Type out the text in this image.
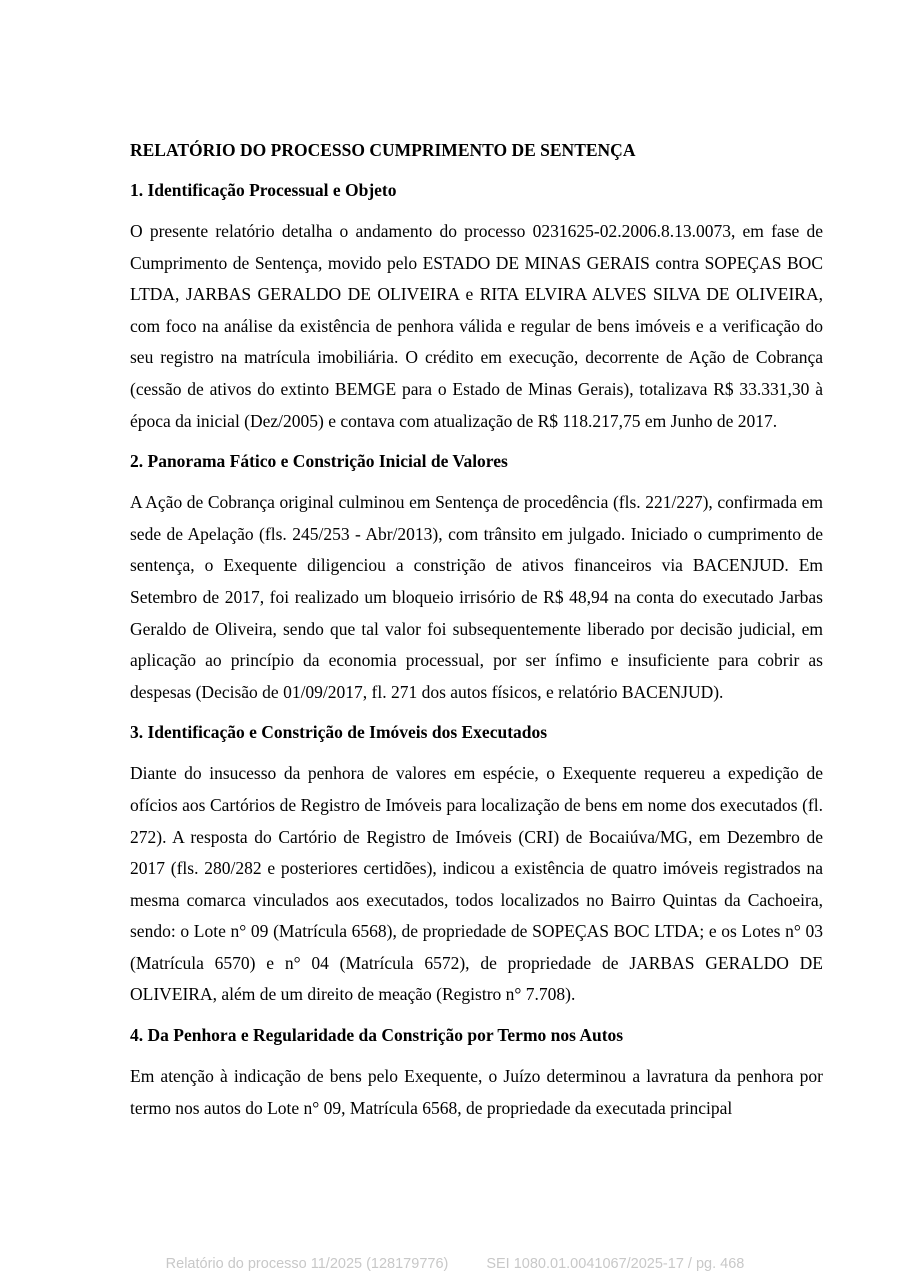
RELATÓRIO DO PROCESSO CUMPRIMENTO DE SENTENÇA
1. Identificação Processual e Objeto

O presente relatório detalha o andamento do processo 0231625-02.2006.8.13.0073, em fase de Cumprimento de Sentença, movido pelo ESTADO DE MINAS GERAIS contra SOPEÇAS BOC LTDA, JARBAS GERALDO DE OLIVEIRA e RITA ELVIRA ALVES SILVA DE OLIVEIRA, com foco na análise da existência de penhora válida e regular de bens imóveis e a verificação do seu registro na matrícula imobiliária. O crédito em execução, decorrente de Ação de Cobrança (cessão de ativos do extinto BEMGE para o Estado de Minas Gerais), totalizava R$ 33.331,30 à época da inicial (Dez/2005) e contava com atualização de R$ 118.217,75 em Junho de 2017.

2. Panorama Fático e Constrição Inicial de Valores

A Ação de Cobrança original culminou em Sentença de procedência (fls. 221/227), confirmada em sede de Apelação (fls. 245/253 - Abr/2013), com trânsito em julgado. Iniciado o cumprimento de sentença, o Exequente diligenciou a constrição de ativos financeiros via BACENJUD. Em Setembro de 2017, foi realizado um bloqueio irrisório de R$ 48,94 na conta do executado Jarbas Geraldo de Oliveira, sendo que tal valor foi subsequentemente liberado por decisão judicial, em aplicação ao princípio da economia processual, por ser ínfimo e insuficiente para cobrir as despesas (Decisão de 01/09/2017, fl. 271 dos autos físicos, e relatório BACENJUD).

3. Identificação e Constrição de Imóveis dos Executados

Diante do insucesso da penhora de valores em espécie, o Exequente requereu a expedição de ofícios aos Cartórios de Registro de Imóveis para localização de bens em nome dos executados (fl. 272). A resposta do Cartório de Registro de Imóveis (CRI) de Bocaiúva/MG, em Dezembro de 2017 (fls. 280/282 e posteriores certidões), indicou a existência de quatro imóveis registrados na mesma comarca vinculados aos executados, todos localizados no Bairro Quintas da Cachoeira, sendo: o Lote n° 09 (Matrícula 6568), de propriedade de SOPEÇAS BOC LTDA; e os Lotes n° 03 (Matrícula 6570) e n° 04 (Matrícula 6572), de propriedade de JARBAS GERALDO DE OLIVEIRA, além de um direito de meação (Registro n° 7.708).

4. Da Penhora e Regularidade da Constrição por Termo nos Autos

Em atenção à indicação de bens pelo Exequente, o Juízo determinou a lavratura da penhora por termo nos autos do Lote n° 09, Matrícula 6568, de propriedade da executada principal

Relatório do processo 11/2025 (128179776)	SEI 1080.01.0041067/2025-17 / pg. 468
